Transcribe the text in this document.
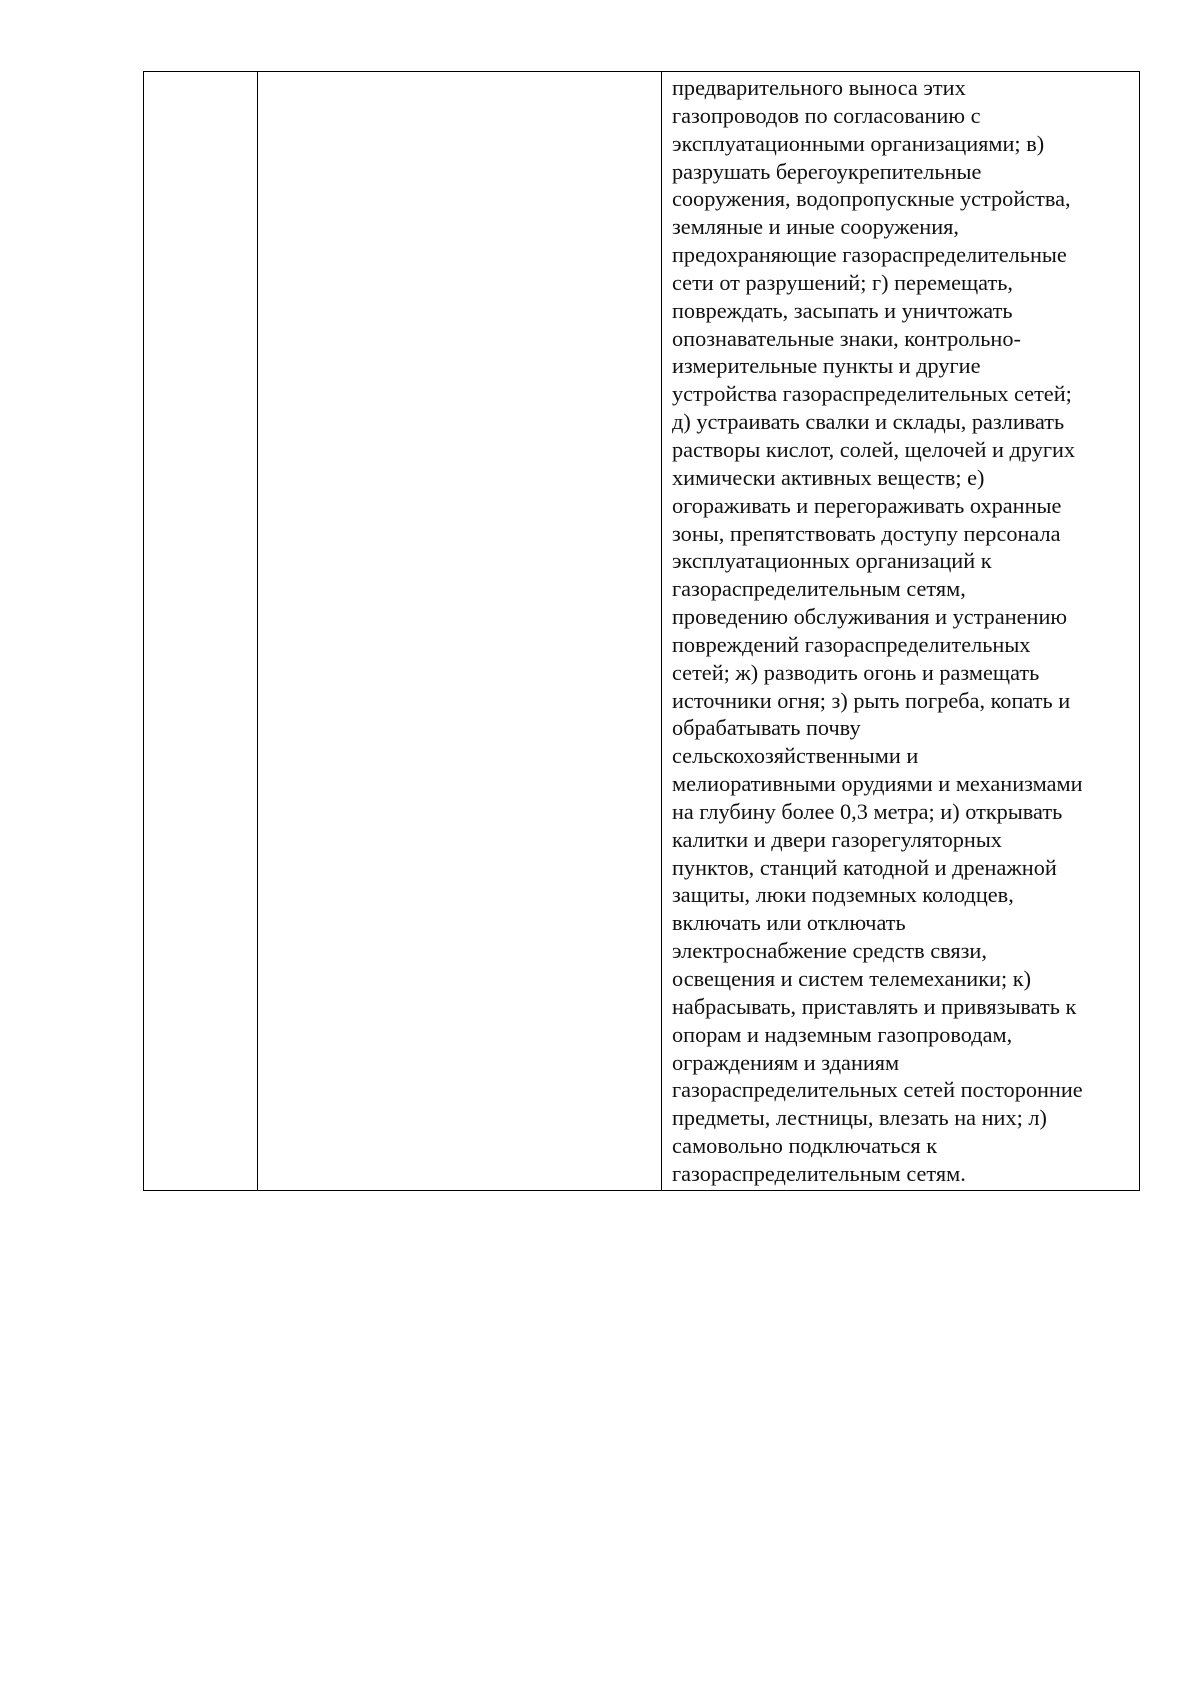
предварительного выноса этих
газопроводов по согласованию с
эксплуатационными организациями; в)
разрушать берегоукрепительные
сооружения, водопропускные устройства,
земляные и иные сооружения,
предохраняющие газораспределительные
сети от разрушений; г) перемещать,
повреждать, засыпать и уничтожать
опознавательные знаки, контрольно-
измерительные пункты и другие
устройства газораспределительных сетей;
д) устраивать свалки и склады, разливать
растворы кислот, солей, щелочей и других
химически активных веществ; е)
огораживать и перегораживать охранные
зоны, препятствовать доступу персонала
эксплуатационных организаций к
газораспределительным сетям,
проведению обслуживания и устранению
повреждений газораспределительных
сетей; ж) разводить огонь и размещать
источники огня; з) рыть погреба, копать и
обрабатывать почву
сельскохозяйственными и
мелиоративными орудиями и механизмами
на глубину более 0,3 метра; и) открывать
калитки и двери газорегуляторных
пунктов, станций катодной и дренажной
защиты, люки подземных колодцев,
включать или отключать
электроснабжение средств связи,
освещения и систем телемеханики; к)
набрасывать, приставлять и привязывать к
опорам и надземным газопроводам,
ограждениям и зданиям
газораспределительных сетей посторонние
предметы, лестницы, влезать на них; л)
самовольно подключаться к
газораспределительным сетям.
